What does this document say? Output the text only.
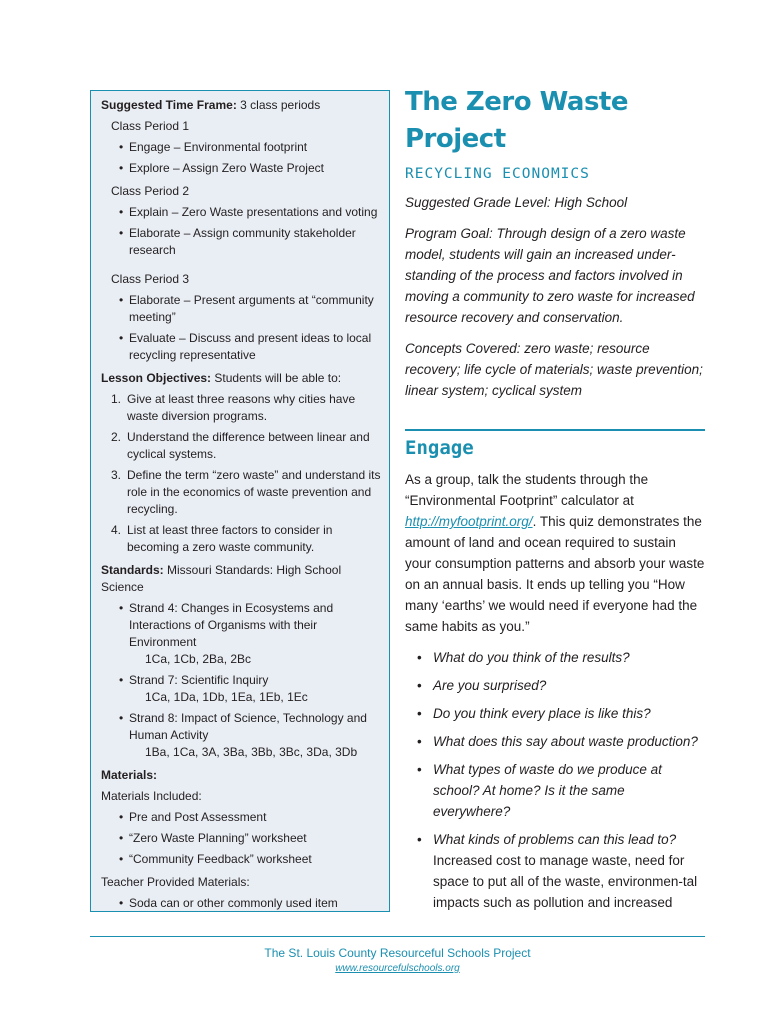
Suggested Time Frame: 3 class periods
Class Period 1
• Engage – Environmental footprint
• Explore – Assign Zero Waste Project
Class Period 2
• Explain – Zero Waste presentations and voting
• Elaborate – Assign community stakeholder research
Class Period 3
• Elaborate – Present arguments at “community meeting”
• Evaluate – Discuss and present ideas to local recycling representative
Lesson Objectives: Students will be able to:
1. Give at least three reasons why cities have waste diversion programs.
2. Understand the difference between linear and cyclical systems.
3. Define the term “zero waste” and understand its role in the economics of waste prevention and recycling.
4. List at least three factors to consider in becoming a zero waste community.
Standards: Missouri Standards: High School Science
• Strand 4: Changes in Ecosystems and Interactions of Organisms with their Environment
1Ca, 1Cb, 2Ba, 2Bc
• Strand 7: Scientific Inquiry
1Ca, 1Da, 1Db, 1Ea, 1Eb, 1Ec
• Strand 8: Impact of Science, Technology and Human Activity
1Ba, 1Ca, 3A, 3Ba, 3Bb, 3Bc, 3Da, 3Db
Materials:
Materials Included:
• Pre and Post Assessment
• “Zero Waste Planning” worksheet
• “Community Feedback” worksheet
Teacher Provided Materials:
• Soda can or other commonly used item
The Zero Waste
Project
RECYCLING ECONOMICS

Suggested Grade Level: High School

Program Goal: Through design of a zero waste model, students will gain an increased under-standing of the process and factors involved in moving a community to zero waste for increased resource recovery and conservation.

Concepts Covered: zero waste; resource recovery; life cycle of materials; waste prevention; linear system; cyclical system

Engage

As a group, talk the students through the “Environmental Footprint” calculator at http://myfootprint.org/. This quiz demonstrates the amount of land and ocean required to sustain your consumption patterns and absorb your waste on an annual basis. It ends up telling you “How many ‘earths’ we would need if everyone had the same habits as you.”

• What do you think of the results?
• Are you surprised?
• Do you think every place is like this?
• What does this say about waste production?
• What types of waste do we produce at school? At home? Is it the same everywhere?
• What kinds of problems can this lead to? Increased cost to manage waste, need for space to put all of the waste, environmen-tal impacts such as pollution and increased
The St. Louis County Resourceful Schools Project
www.resourcefulschools.org
